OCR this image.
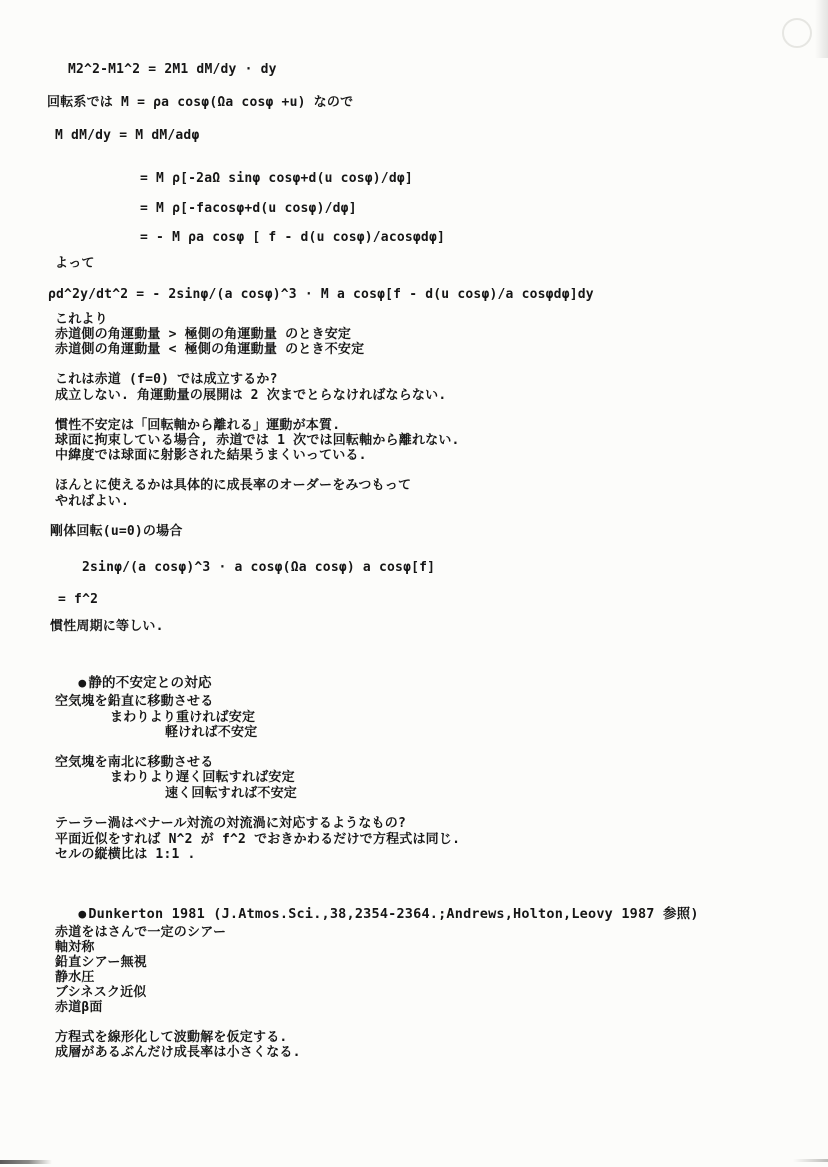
M2^2-M1^2 = 2M1 dM/dy · dy
回転系では M = ρa cosφ(Ωa cosφ +u) なので
M dM/dy = M dM/adφ
= M ρ[-2aΩ sinφ cosφ+d(u cosφ)/dφ]
= M ρ[-facosφ+d(u cosφ)/dφ]
= - M ρa cosφ [ f - d(u cosφ)/acosφdφ]
よって
ρd^2y/dt^2 = - 2sinφ/(a cosφ)^3 · M a cosφ[f - d(u cosφ)/a cosφdφ]dy
これより
赤道側の角運動量 > 極側の角運動量 のとき安定
赤道側の角運動量 < 極側の角運動量 のとき不安定
これは赤道 (f=0) では成立するか?
成立しない. 角運動量の展開は 2 次までとらなければならない.
慣性不安定は「回転軸から離れる」運動が本質.
球面に拘束している場合, 赤道では 1 次では回転軸から離れない.
中緯度では球面に射影された結果うまくいっている.
ほんとに使えるかは具体的に成長率のオーダーをみつもって
やればよい.
剛体回転(u=0)の場合
2sinφ/(a cosφ)^3 · a cosφ(Ωa cosφ) a cosφ[f]
= f^2
慣性周期に等しい.

● 静的不安定との対応

空気塊を鉛直に移動させる
まわりより重ければ安定
軽ければ不安定
空気塊を南北に移動させる
まわりより遅く回転すれば安定
速く回転すれば不安定
テーラー渦はベナール対流の対流渦に対応するようなもの?
平面近似をすれば N^2 が f^2 でおきかわるだけで方程式は同じ.
セルの縦横比は 1:1 .

● Dunkerton 1981 (J.Atmos.Sci.,38,2354-2364.;Andrews,Holton,Leovy 1987 参照)

赤道をはさんで一定のシアー
軸対称
鉛直シアー無視
静水圧
ブシネスク近似
赤道β面
方程式を線形化して波動解を仮定する.
成層があるぶんだけ成長率は小さくなる.
